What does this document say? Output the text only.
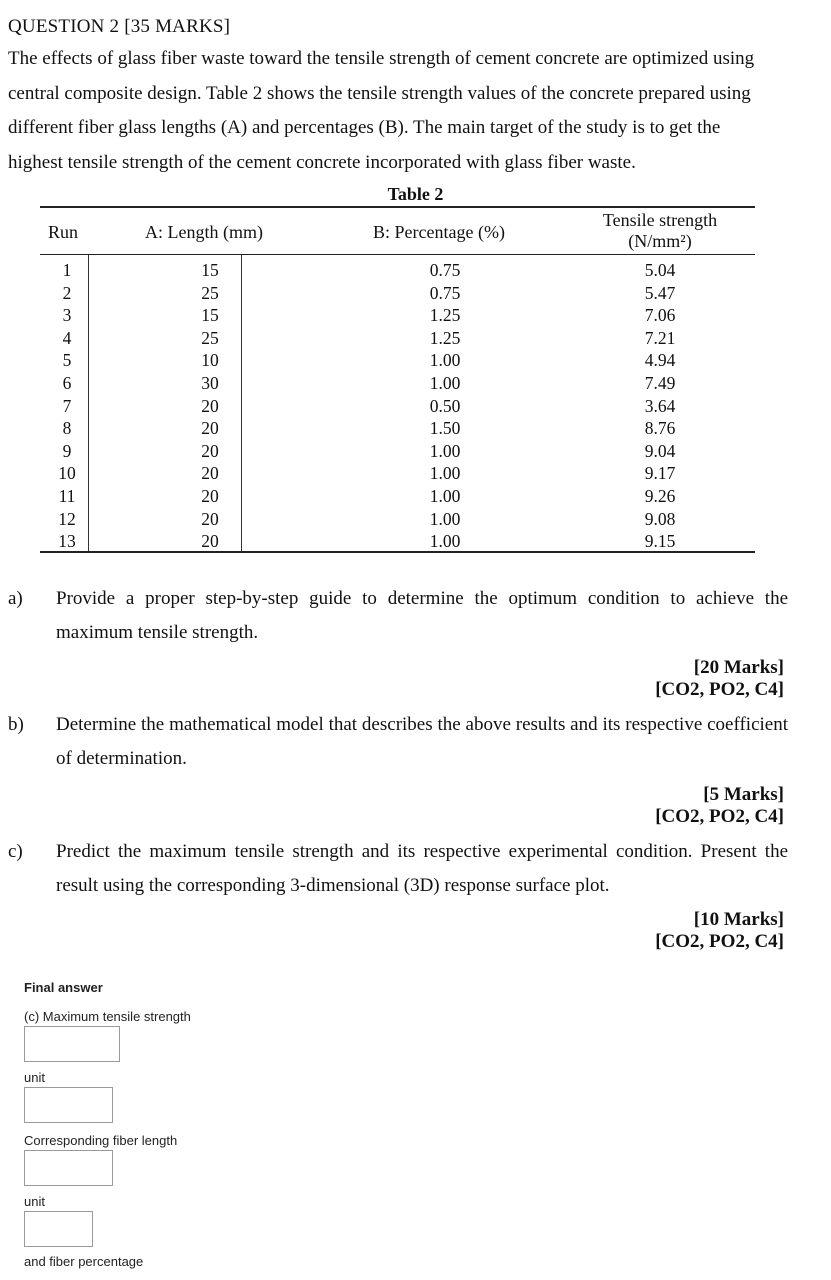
QUESTION 2 [35 MARKS]

The effects of glass fiber waste toward the tensile strength of cement concrete are optimized using

central composite design. Table 2 shows the tensile strength values of the concrete prepared using

different fiber glass lengths (A) and percentages (B). The main target of the study is to get the

highest tensile strength of the cement concrete incorporated with glass fiber waste.

Table 2
Run	A: Length (mm)	B: Percentage (%)
Tensile strength
(N/mm²)
1
2
3
4
5
6
7
8
9
10
11
12
13
15
25
15
25
10
30
20
20
20
20
20
20
20
0.75
0.75
1.25
1.25
1.00
1.00
0.50
1.50
1.00
1.00
1.00
1.00
1.00
5.04
5.47
7.06
7.21
4.94
7.49
3.64
8.76
9.04
9.17
9.26
9.08
9.15
a) Provide a proper step-by-step guide to determine the optimum condition to achieve the maximum tensile strength.
[20 Marks]
[CO2, PO2, C4]
b) Determine the mathematical model that describes the above results and its respective coefficient of determination.
[5 Marks]
[CO2, PO2, C4]
c) Predict the maximum tensile strength and its respective experimental condition. Present the result using the corresponding 3-dimensional (3D) response surface plot.
[10 Marks]
[CO2, PO2, C4]
Final answer
(c) Maximum tensile strength
unit
Corresponding fiber length
unit
and fiber percentage
